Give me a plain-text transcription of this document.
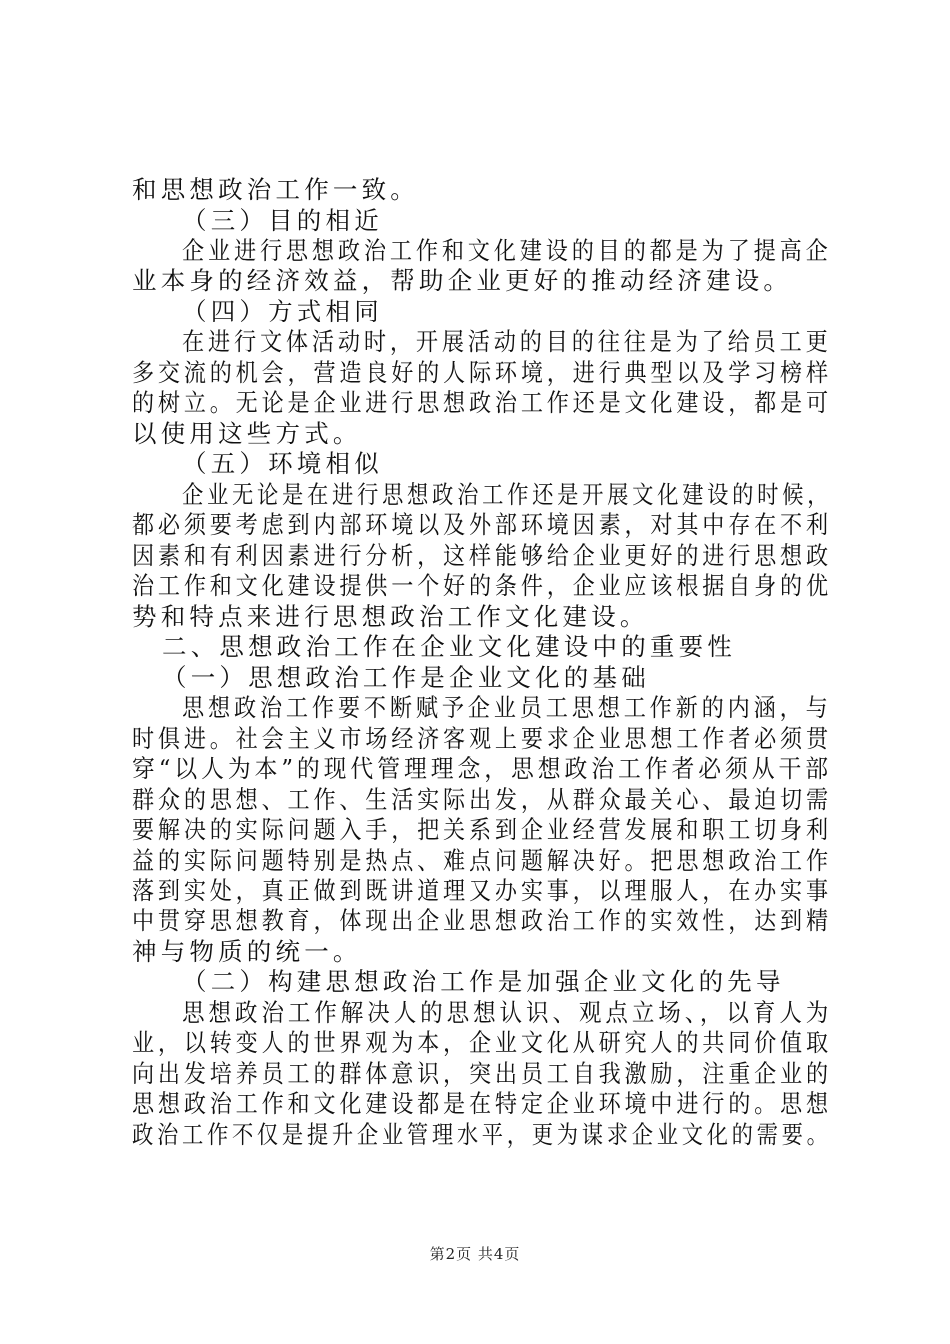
和思想政治工作一致。
（三）目的相近
企业进行思想政治工作和文化建设的目的都是为了提高企
业本身的经济效益，帮助企业更好的推动经济建设。
（四）方式相同
在进行文体活动时，开展活动的目的往往是为了给员工更
多交流的机会，营造良好的人际环境，进行典型以及学习榜样
的树立。无论是企业进行思想政治工作还是文化建设，都是可
以使用这些方式。
（五）环境相似
企业无论是在进行思想政治工作还是开展文化建设的时候，
都必须要考虑到内部环境以及外部环境因素，对其中存在不利
因素和有利因素进行分析，这样能够给企业更好的进行思想政
治工作和文化建设提供一个好的条件，企业应该根据自身的优
势和特点来进行思想政治工作文化建设。
二、思想政治工作在企业文化建设中的重要性
（一）思想政治工作是企业文化的基础
思想政治工作要不断赋予企业员工思想工作新的内涵，与
时俱进。社会主义市场经济客观上要求企业思想工作者必须贯
穿“以人为本”的现代管理理念，思想政治工作者必须从干部
群众的思想、工作、生活实际出发，从群众最关心、最迫切需
要解决的实际问题入手，把关系到企业经营发展和职工切身利
益的实际问题特别是热点、难点问题解决好。把思想政治工作
落到实处，真正做到既讲道理又办实事，以理服人，在办实事
中贯穿思想教育，体现出企业思想政治工作的实效性，达到精
神与物质的统一。
（二）构建思想政治工作是加强企业文化的先导
思想政治工作解决人的思想认识、观点立场、，以育人为
业，以转变人的世界观为本，企业文化从研究人的共同价值取
向出发培养员工的群体意识，突出员工自我激励，注重企业的
思想政治工作和文化建设都是在特定企业环境中进行的。思想
政治工作不仅是提升企业管理水平，更为谋求企业文化的需要。
第2页 共4页
